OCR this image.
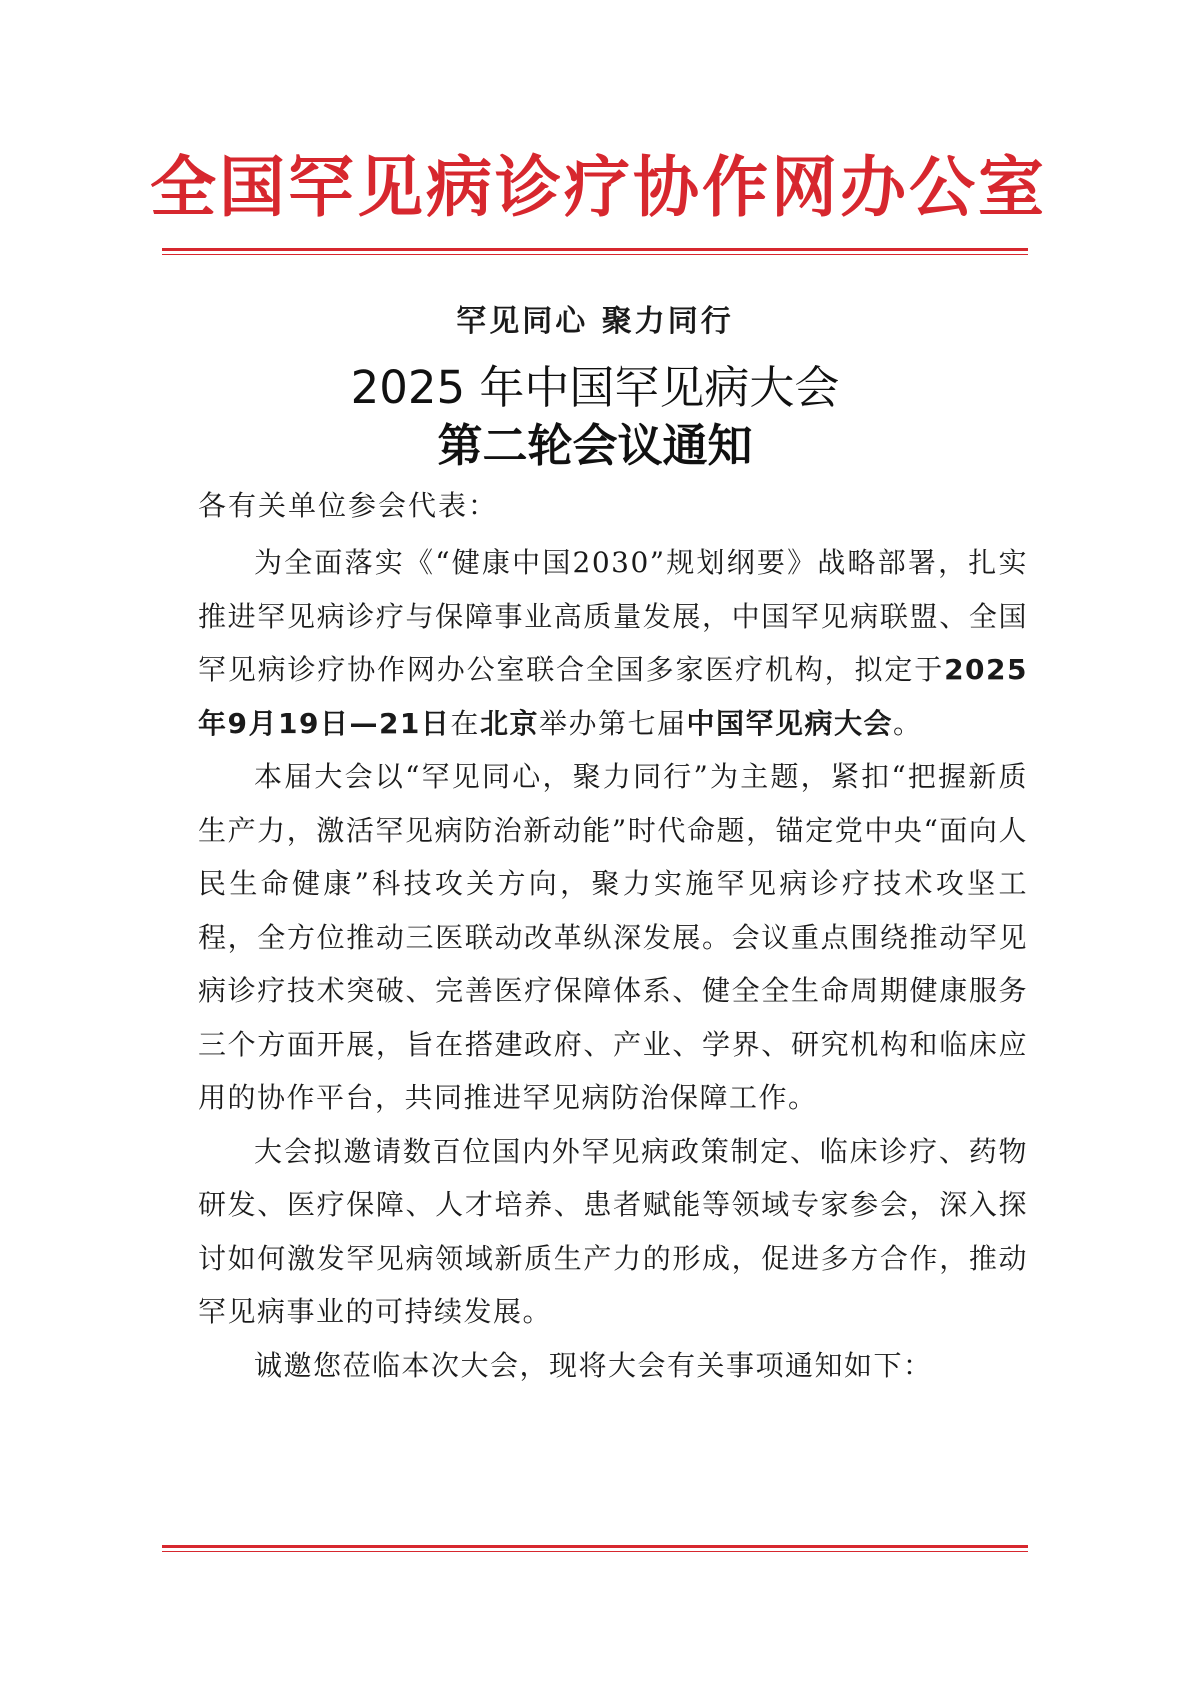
全国罕见病诊疗协作网办公室
罕见同心 聚力同行
2025 年中国罕见病大会
第二轮会议通知
各有关单位参会代表：

为全面落实《“健康中国2030”规划纲要》战略部署，扎实推进罕见病诊疗与保障事业高质量发展，中国罕见病联盟、全国罕见病诊疗协作网办公室联合全国多家医疗机构，拟定于2025年9月19日—21日在北京举办第七届中国罕见病大会。

本届大会以“罕见同心，聚力同行”为主题，紧扣“把握新质生产力，激活罕见病防治新动能”时代命题，锚定党中央“面向人民生命健康”科技攻关方向，聚力实施罕见病诊疗技术攻坚工程，全方位推动三医联动改革纵深发展。会议重点围绕推动罕见病诊疗技术突破、完善医疗保障体系、健全全生命周期健康服务三个方面开展，旨在搭建政府、产业、学界、研究机构和临床应用的协作平台，共同推进罕见病防治保障工作。

大会拟邀请数百位国内外罕见病政策制定、临床诊疗、药物研发、医疗保障、人才培养、患者赋能等领域专家参会，深入探讨如何激发罕见病领域新质生产力的形成，促进多方合作，推动罕见病事业的可持续发展。

诚邀您莅临本次大会，现将大会有关事项通知如下：
